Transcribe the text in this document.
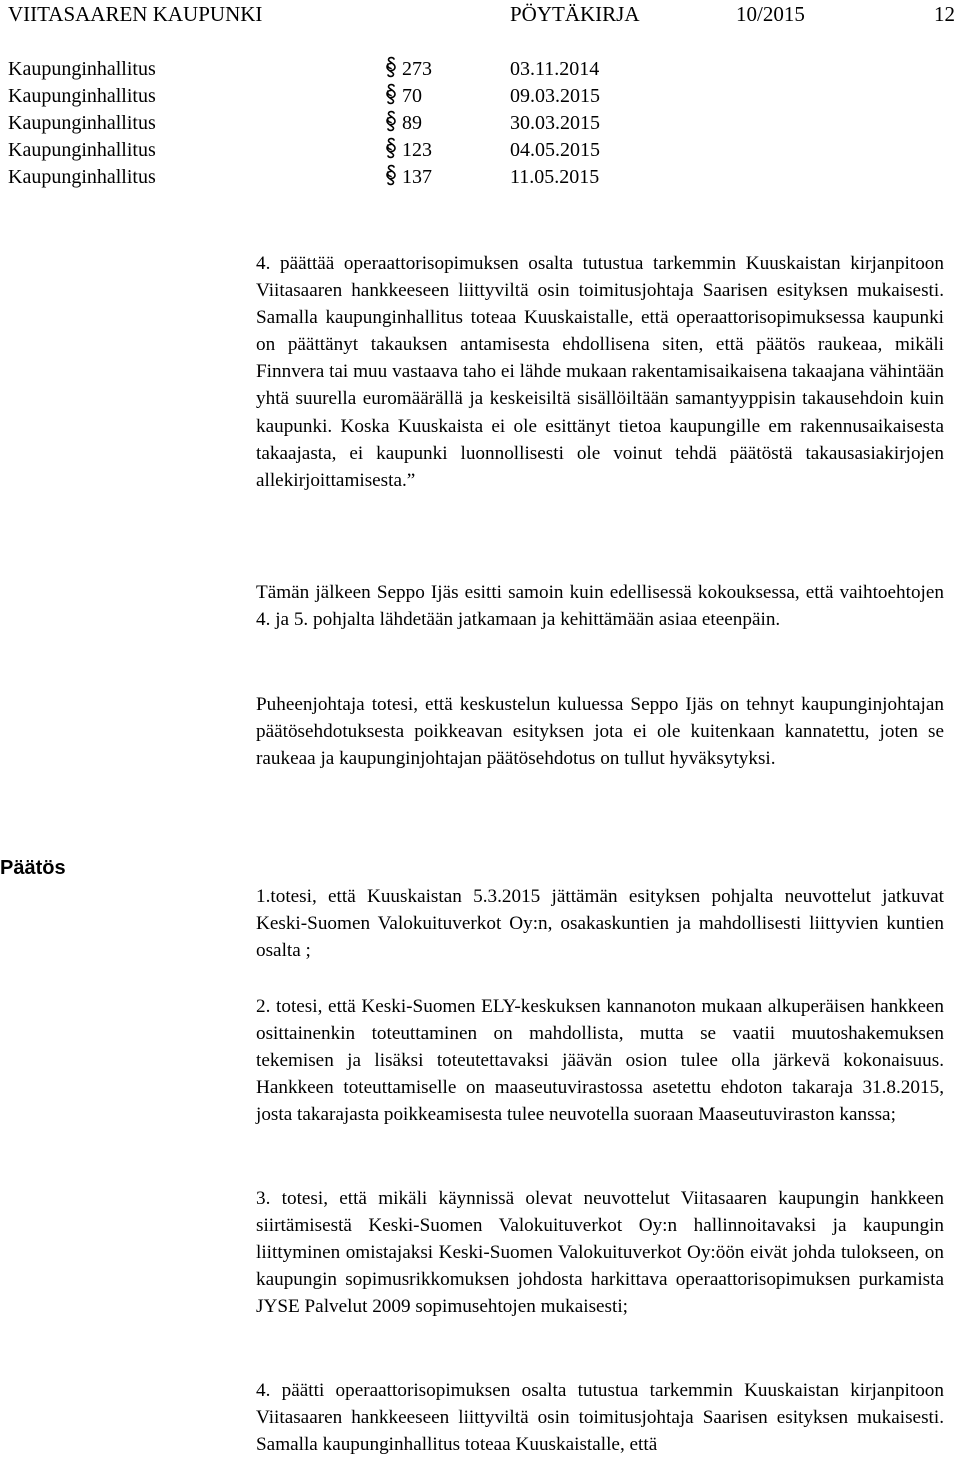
VIITASAAREN KAUPUNKI	PÖYTÄKIRJA	10/2015	12
Kaupunginhallitus	273	03.11.2014
Kaupunginhallitus	70	09.03.2015
Kaupunginhallitus	89	30.03.2015
Kaupunginhallitus	123	04.05.2015
Kaupunginhallitus	137	11.05.2015

4. päättää operaattorisopimuksen osalta tutustua tarkemmin Kuuskaistan kirjanpitoon Viitasaaren hankkeeseen liittyviltä osin toimitusjohtaja Saarisen esityksen mukaisesti. Samalla kaupunginhallitus toteaa Kuuskaistalle, että operaattorisopimuksessa kaupunki on päättänyt takauksen antamisesta ehdollisena siten, että päätös raukeaa, mikäli Finnvera tai muu vastaava taho ei lähde mukaan rakentamisaikaisena takaajana vähintään yhtä suurella euromäärällä ja keskeisiltä sisällöiltään samantyyppisin takausehdoin kuin kaupunki. Koska Kuuskaista ei ole esittänyt tietoa kaupungille em rakennusaikaisesta takaajasta, ei kaupunki luonnollisesti ole voinut tehdä päätöstä takausasiakirjojen allekirjoittamisesta.”

Tämän jälkeen Seppo Ijäs esitti samoin kuin edellisessä kokouksessa, että vaihtoehtojen 4. ja 5. pohjalta lähdetään jatkamaan ja kehittämään asiaa eteenpäin.

Puheenjohtaja totesi, että keskustelun kuluessa Seppo Ijäs on tehnyt kaupunginjohtajan päätösehdotuksesta poikkeavan esityksen jota ei ole kuitenkaan kannatettu, joten se raukeaa ja kaupunginjohtajan päätösehdotus on tullut hyväksytyksi.

Päätös

1.totesi, että Kuuskaistan 5.3.2015 jättämän esityksen pohjalta neuvottelut jatkuvat Keski-Suomen Valokuituverkot Oy:n, osakaskuntien ja mahdollisesti liittyvien kuntien osalta ;

2. totesi, että Keski-Suomen ELY-keskuksen kannanoton mukaan alkuperäisen hankkeen osittainenkin toteuttaminen on mahdollista, mutta se vaatii muutoshakemuksen tekemisen ja lisäksi toteutettavaksi jäävän osion tulee olla järkevä kokonaisuus. Hankkeen toteuttamiselle on maaseutuvirastossa asetettu ehdoton takaraja 31.8.2015, josta takarajasta poikkeamisesta tulee neuvotella suoraan Maaseutuviraston kanssa;

3. totesi, että mikäli käynnissä olevat neuvottelut Viitasaaren kaupungin hankkeen siirtämisestä Keski-Suomen Valokuituverkot Oy:n hallinnoitavaksi ja kaupungin liittyminen omistajaksi Keski-Suomen Valokuituverkot Oy:öön eivät johda tulokseen, on kaupungin sopimusrikkomuksen johdosta harkittava operaattorisopimuksen purkamista JYSE Palvelut 2009 sopimusehtojen mukaisesti;

4. päätti operaattorisopimuksen osalta tutustua tarkemmin Kuuskaistan kirjanpitoon Viitasaaren hankkeeseen liittyviltä osin toimitusjohtaja Saarisen esityksen mukaisesti. Samalla kaupunginhallitus toteaa Kuuskaistalle, että
